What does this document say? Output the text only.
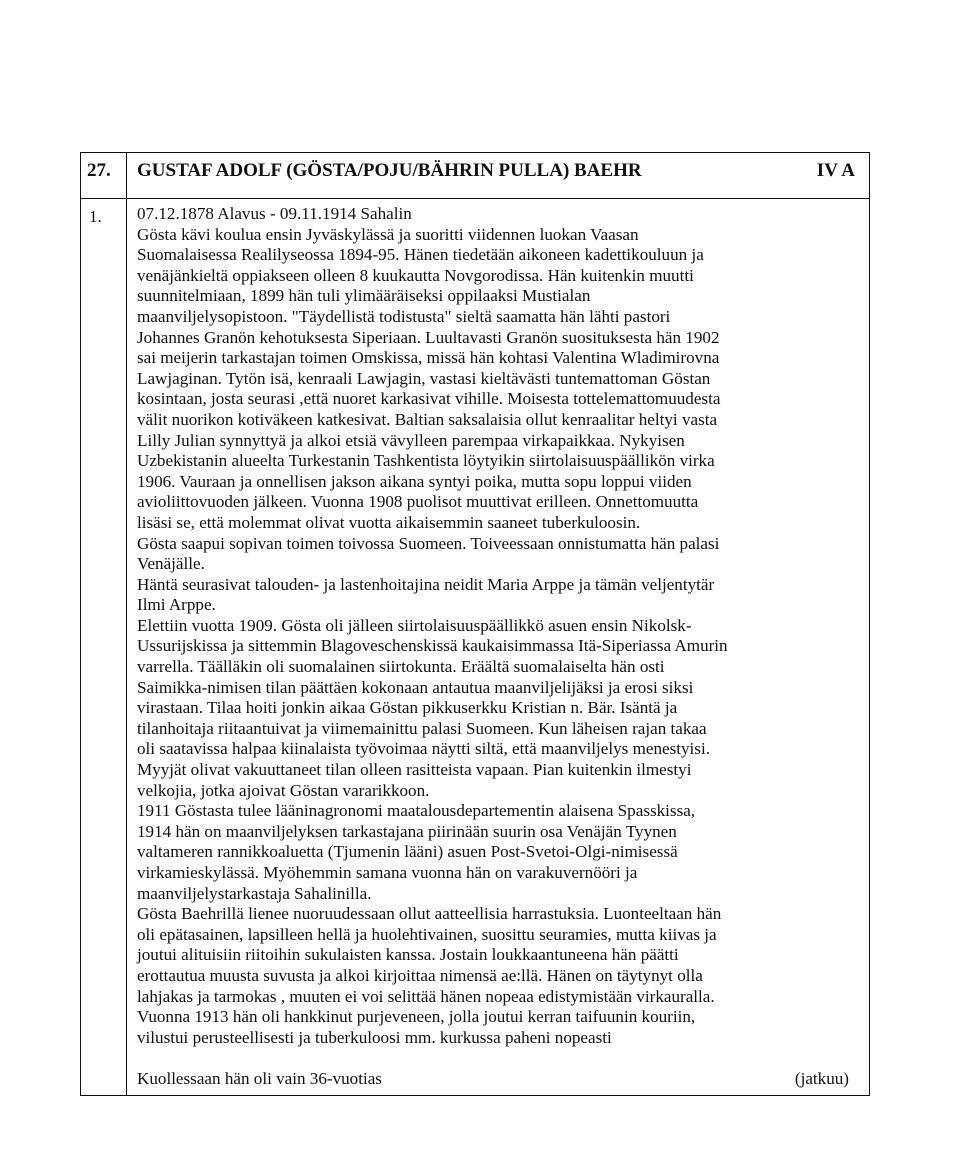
27. GUSTAF ADOLF (GÖSTA/POJU/BÄHRIN PULLA) BAEHR	IV A
1. 07.12.1878 Alavus - 09.11.1914 Sahalin
Gösta kävi koulua ensin Jyväskylässä ja suoritti viidennen luokan Vaasan
Suomalaisessa Realilyseossa 1894-95. Hänen tiedetään aikoneen kadettikouluun ja
venäjänkieltä oppiakseen olleen 8 kuukautta Novgorodissa. Hän kuitenkin muutti
suunnitelmiaan, 1899 hän tuli ylimääräiseksi oppilaaksi Mustialan
maanviljelysopistoon. "Täydellistä todistusta" sieltä saamatta hän lähti pastori
Johannes Granön kehotuksesta Siperiaan. Luultavasti Granön suosituksesta hän 1902
sai meijerin tarkastajan toimen Omskissa, missä hän kohtasi Valentina Wladimirovna
Lawjaginan. Tytön isä, kenraali Lawjagin, vastasi kieltävästi tuntemattoman Göstan
kosintaan, josta seurasi ,että nuoret karkasivat vihille. Moisesta tottelemattomuudesta
välit nuorikon kotiväkeen katkesivat. Baltian saksalaisia ollut kenraalitar heltyi vasta
Lilly Julian synnyttyä ja alkoi etsiä vävylleen parempaa virkapaikkaa. Nykyisen
Uzbekistanin alueelta Turkestanin Tashkentista löytyikin siirtolaisuuspäällikön virka
1906. Vauraan ja onnellisen jakson aikana syntyi poika, mutta sopu loppui viiden
avioliittovuoden jälkeen. Vuonna 1908 puolisot muuttivat erilleen. Onnettomuutta
lisäsi se, että molemmat olivat vuotta aikaisemmin saaneet tuberkuloosin.
Gösta saapui sopivan toimen toivossa Suomeen. Toiveessaan onnistumatta hän palasi
Venäjälle.
Häntä seurasivat talouden- ja lastenhoitajina neidit Maria Arppe ja tämän veljentytär
Ilmi Arppe.
Elettiin vuotta 1909. Gösta oli jälleen siirtolaisuuspäällikkö asuen ensin Nikolsk-
Ussurijskissa ja sittemmin Blagoveschenskissä kaukaisimmassa Itä-Siperiassa Amurin
varrella. Täälläkin oli suomalainen siirtokunta. Eräältä suomalaiselta hän osti
Saimikka-nimisen tilan päättäen kokonaan antautua maanviljelijäksi ja erosi siksi
virastaan. Tilaa hoiti jonkin aikaa Göstan pikkuserkku Kristian n. Bär. Isäntä ja
tilanhoitaja riitaantuivat ja viimemainittu palasi Suomeen. Kun läheisen rajan takaa
oli saatavissa halpaa kiinalaista työvoimaa näytti siltä, että maanviljelys menestyisi.
Myyjät olivat vakuuttaneet tilan olleen rasitteista vapaan. Pian kuitenkin ilmestyi
velkojia, jotka ajoivat Göstan vararikkoon.
1911 Göstasta tulee lääninagronomi maatalousdepartementin alaisena Spasskissa,
1914 hän on maanviljelyksen tarkastajana piirinään suurin osa Venäjän Tyynen
valtameren rannikkoaluetta (Tjumenin lääni) asuen Post-Svetoi-Olgi-nimisessä
virkamieskylässä. Myöhemmin samana vuonna hän on varakuvernööri ja
maanviljelystarkastaja Sahalinilla.
Gösta Baehrillä lienee nuoruudessaan ollut aatteellisia harrastuksia. Luonteeltaan hän
oli epätasainen, lapsilleen hellä ja huolehtivainen, suosittu seuramies, mutta kiivas ja
joutui alituisiin riitoihin sukulaisten kanssa. Jostain loukkaantuneena hän päätti
erottautua muusta suvusta ja alkoi kirjoittaa nimensä ae:llä. Hänen on täytynyt olla
lahjakas ja tarmokas , muuten ei voi selittää hänen nopeaa edistymistään virkauralla.
Vuonna 1913 hän oli hankkinut purjeveneen, jolla joutui kerran taifuunin kouriin,
vilustui perusteellisesti ja tuberkuloosi mm. kurkussa paheni nopeasti
Kuollessaan hän oli vain 36-vuotias	(jatkuu)
